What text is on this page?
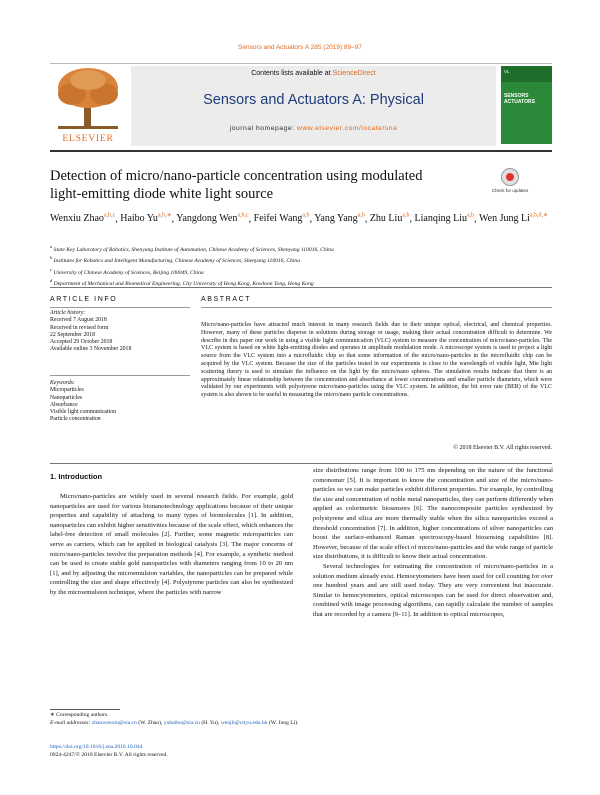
Sensors and Actuators A 285 (2019) 89–97
ELSEVIER
Contents lists available at ScienceDirect
Sensors and Actuators A: Physical
journal homepage: www.elsevier.com/locate/sna
VL
SENSORS ACTUATORS
Detection of micro/nano-particle concentration using modulated light-emitting diode white light source	Check for updates
Wenxiu Zhao$^{a,b,c}$, Haibo $Yu^{a,b,∗}$, Yangdong Wen$^{a,b,c}$, Feifei Wang$^{a,b}$, Yang Yang$^{a,b}$, Zhu Liu$^{a,b}$, Lianqing Liu$^{a,b}$, Wen Jung $Li^{a,b,d,∗}$
$^a$ State Key Laboratory of Robotics, Shenyang Institute of Automation, Chinese Academy of Sciences, Shenyang 110016, China
$^b$ Institutes for Robotics and Intelligent Manufacturing, Chinese Academy of Sciences, Shenyang 110016, China
$^c$ University of Chinese Academy of Sciences, Beijing 100049, China
$^d$ Department of Mechanical and Biomedical Engineering, City University of Hong Kong, Kowloon Tong, Hong Kong
ARTICLE INFO	ABSTRACT
Article history:
Received 7 August 2018
Received in revised form
22 September 2018
Accepted 29 October 2018
Available online 3 November 2018
Keywords:
Microparticles
Nanoparticles
Absorbance
Visible light communication
Particle concentration
Micro/nano-particles have attracted much interest in many research fields due to their unique optical, electrical, and chemical properties. However, many of these particles disperse in solutions during storage or usage, making their actual concentration difficult to determine. We describe in this paper our work in using a visible light communication (VLC) system to measure the concentration of micro/nano-particles. The VLC system is based on white light-emitting diodes and operates in amplitude modulation mode. A microscope system is used to project a light source from the VLC system into a microfluidic chip so that some information of the micro/nano-particles in the microfluidic chip can be acquired by the VLC system. Because the size of the particles tested in our experiments is close to the wavelength of visible light, Mie light scattering theory is used to simulate the influence on the light by the micro/nano spheres. The simulation results indicate that there is an approximately linear relationship between the concentration and absorbance at lower concentrations and smaller particle diameters, which were validated by our experiments with polystyrene micro/nano-particles using the VLC system. In addition, the bit error rate (BER) of the VLC system is also shown to be useful in measuring the micro/nano particle concentrations.
© 2018 Elsevier B.V. All rights reserved.
1. Introduction

Micro/nano-particles are widely used in several research fields. For example, gold nanoparticles are used for various bionanotechnology applications because of their unique properties and capability of attaching to many types of biomolecules [1]. In addition, nanoparticles can exhibit higher sensitivities because of the scale effect, which enhances the label-free detection of small molecules [2]. Further, some magnetic microparticles can serve as carriers, which can be applied in biological catalysis [3]. The major concerns of micro/nano-particles involve the preparation methods [4]. For example, a synthetic method can be used to create stable gold nanoparticles with diameters ranging from 10 to 20 nm [1], and by adjusting the microemulsion variables, the nanoparticles can be prepared while controlling the size and shape effectively [4]. Polystyrene particles can also be synthesized by the microemulsion technique, where the particles with narrow

size distributions range from 100 to 175 nm depending on the nature of the functional comonomer [5]. It is important to know the concentration and size of the micro/nano-particles so we can make particles exhibit different properties. For example, by controlling the size and concentration of noble metal nanoparticles, they can perform differently when applied as colorimetric biosensors [6]. The nanocomposite particles synthesized by polystyrene and silica are more thermally stable when the silica nanoparticles exceed a threshold concentration [7]. In addition, higher concentrations of silver nanoparticles can boost the surface-enhanced Raman spectroscopy-based biosensing capabilities [8]. However, because of the scale effect of micro/nano-particles and the wide range of particle size distributions, it is difficult to know their actual concentration.

Several technologies for estimating the concentration of micro/nano-particles in a solution medium already exist. Hemocytometers have been used for cell counting for over one hundred years and are still used today. They are very convenient but inaccurate. Similar to hemocytometers, optical microscopes can be used for direct observation and, combined with image processing algorithms, can rapidly calculate the number of samples that are recorded by a camera [9–11]. In addition to optical microscopes,

∗ Corresponding authors.
E-mail addresses: zhaowenxiu@sia.cn (W. Zhao), yuhaibo@sia.cn (H. Yu), wenjli@cityu.edu.hk (W. Jung Li).
https://doi.org/10.1016/j.sna.2018.10.044
0924-4247/© 2018 Elsevier B.V. All rights reserved.
